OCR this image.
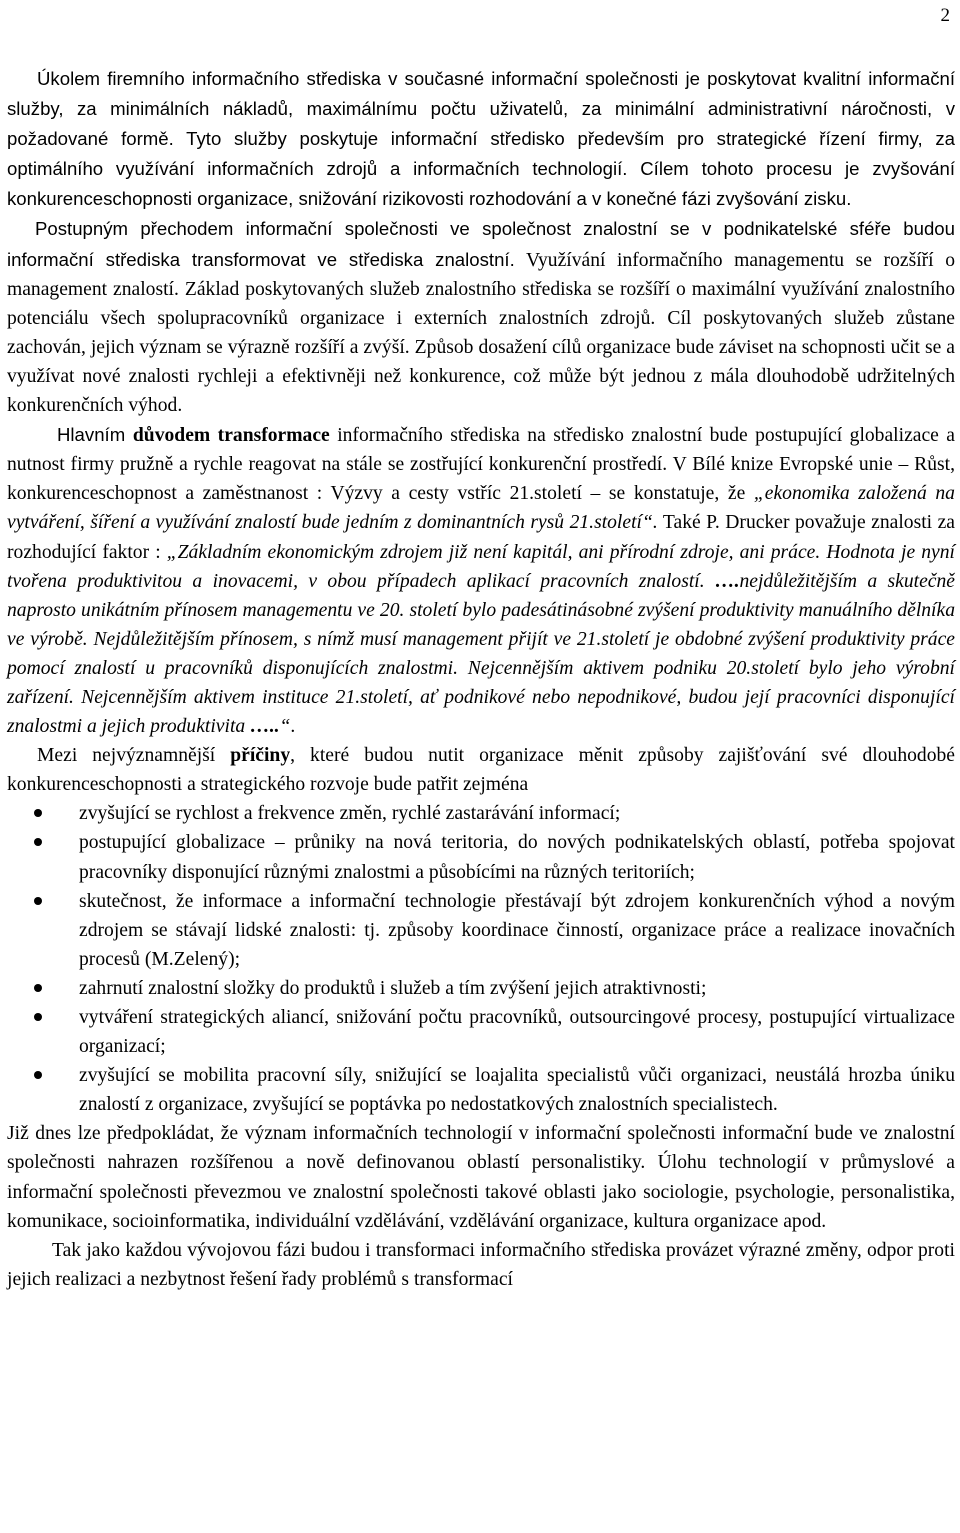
2

Úkolem firemního informačního střediska v současné informační společnosti je poskytovat kvalitní informační služby, za minimálních nákladů, maximálnímu počtu uživatelů, za minimální administrativní náročnosti, v požadované formě. Tyto služby poskytuje informační středisko především pro strategické řízení firmy, za optimálního využívání informačních zdrojů a informačních technologií. Cílem tohoto procesu je zvyšování konkurenceschopnosti organizace, snižování rizikovosti rozhodování a v konečné fázi zvyšování zisku.

Postupným přechodem informační společnosti ve společnost znalostní se v podnikatelské sféře budou informační střediska transformovat ve střediska znalostní. Využívání informačního managementu se rozšíří o management znalostí. Základ poskytovaných služeb znalostního střediska se rozšíří o maximální využívání znalostního potenciálu všech spolupracovníků organizace i externích znalostních zdrojů. Cíl poskytovaných služeb zůstane zachován, jejich význam se výrazně rozšíří a zvýší. Způsob dosažení cílů organizace bude záviset na schopnosti učit se a využívat nové znalosti rychleji a efektivněji než konkurence, což může být jednou z mála dlouhodobě udržitelných konkurenčních výhod.

Hlavním důvodem transformace informačního střediska na středisko znalostní bude postupující globalizace a nutnost firmy pružně a rychle reagovat na stále se zostřující konkurenční prostředí. V Bílé knize Evropské unie – Růst, konkurenceschopnost a zaměstnanost : Výzvy a cesty vstříc 21.století – se konstatuje, že „ekonomika založená na vytváření, šíření a využívání znalostí bude jedním z dominantních rysů 21.století“. Také P. Drucker považuje znalosti za rozhodující faktor : „Základním ekonomickým zdrojem již není kapitál, ani přírodní zdroje, ani práce. Hodnota je nyní tvořena produktivitou a inovacemi, v obou případech aplikací pracovních znalostí. ….nejdůležitějším a skutečně naprosto unikátním přínosem managementu ve 20. století bylo padesátinásobné zvýšení produktivity manuálního dělníka ve výrobě. Nejdůležitějším přínosem, s nímž musí management přijít ve 21.století je obdobné zvýšení produktivity práce pomocí znalostí u pracovníků disponujících znalostmi. Nejcennějším aktivem podniku 20.století bylo jeho výrobní zařízení. Nejcennějším aktivem instituce 21.století, ať podnikové nebo nepodnikové, budou její pracovníci disponující znalostmi a jejich produktivita …..“.

Mezi nejvýznamnější příčiny, které budou nutit organizace měnit způsoby zajišťování své dlouhodobé konkurenceschopnosti a strategického rozvoje bude patřit zejména

zvyšující se rychlost a frekvence změn, rychlé zastarávání informací;
postupující globalizace – průniky na nová teritoria, do nových podnikatelských oblastí, potřeba spojovat pracovníky disponující různými znalostmi a působícími na různých teritoriích;
skutečnost, že informace a informační technologie přestávají být zdrojem konkurenčních výhod a novým zdrojem se stávají lidské znalosti: tj. způsoby koordinace činností, organizace práce a realizace inovačních procesů (M.Zelený);
zahrnutí znalostní složky do produktů i služeb a tím zvýšení jejich atraktivnosti;
vytváření strategických aliancí, snižování počtu pracovníků, outsourcingové procesy, postupující virtualizace organizací;
zvyšující se mobilita pracovní síly, snižující se loajalita specialistů vůči organizaci, neustálá hrozba úniku znalostí z organizace, zvyšující se poptávka po nedostatkových znalostních specialistech.

Již dnes lze předpokládat, že význam informačních technologií v informační společnosti informační bude ve znalostní společnosti nahrazen rozšířenou a nově definovanou oblastí personalistiky. Úlohu technologií v průmyslové a informační společnosti převezmou ve znalostní společnosti takové oblasti jako sociologie, psychologie, personalistika, komunikace, socioinformatika, individuální vzdělávání, vzdělávání organizace, kultura organizace apod.

Tak jako každou vývojovou fázi budou i transformaci informačního střediska provázet výrazné změny, odpor proti jejich realizaci a nezbytnost řešení řady problémů s transformací
